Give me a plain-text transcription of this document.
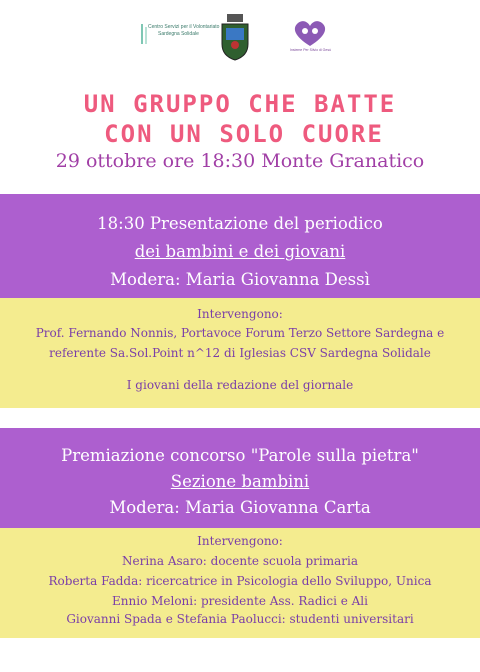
Centro Servizi per il Volontariato
Sardegna Solidale
Insieme Per Silvio di Gesù
UN GRUPPO CHE BATTE
CON UN SOLO CUORE
29 ottobre ore 18:30 Monte Granatico
18:30 Presentazione del periodico
dei bambini e dei giovani
Moderа: Maria Giovanna Dessì
Intervengono:
Prof. Fernando Nonnis, Portavoce Forum Terzo Settore Sardegna e
referente Sa.Sol.Point n^12 di Iglesias CSV Sardegna Solidale
I giovani della redazione del giornale
Premiazione concorso "Parole sulla pietra"
Sezione bambini
Modera: Maria Giovanna Carta
Intervengono:
Nerina Asaro: docente scuola primaria
Roberta Fadda: ricercatrice in Psicologia dello Sviluppo, Unica
Ennio Meloni: presidente Ass. Radici e Ali
Giovanni Spada e Stefania Paolucci: studenti universitari
